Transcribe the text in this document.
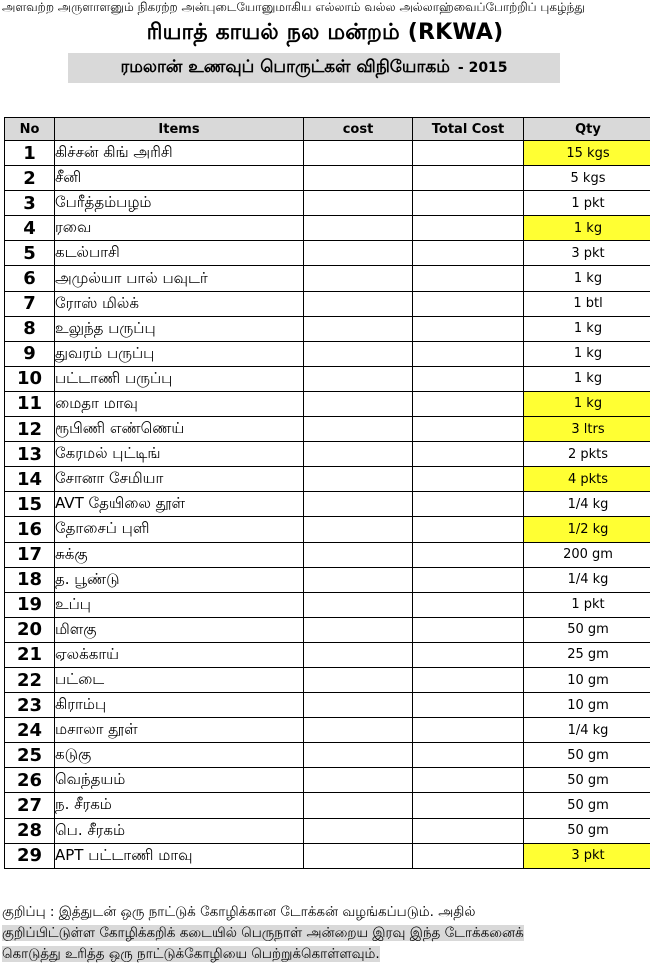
அளவற்ற அருளாளனும் நிகரற்ற அன்புடையோனுமாகிய எல்லாம் வல்ல அல்லாஹ்வைப்போற்றிப் புகழ்ந்து
ரியாத் காயல் நல மன்றம் (RKWA)
ரமலான் உணவுப் பொருட்கள் விநியோகம் - 2015
No	Items	cost	Total Cost	Qty
1	கிச்சன் கிங் அரிசி			15 kgs
2	சீனி			5 kgs
3	பேரீத்தம்பழம்			1 pkt
4	ரவை			1 kg
5	கடல்பாசி			3 pkt
6	அமுல்யா பால் பவுடர்			1 kg
7	ரோஸ் மில்க்			1 btl
8	உலுந்த பருப்பு			1 kg
9	துவரம் பருப்பு			1 kg
10	பட்டாணி பருப்பு			1 kg
11	மைதா மாவு			1 kg
12	ரூபிணி எண்ணெய்			3 ltrs
13	கேரமல் புட்டிங்			2 pkts
14	சோனா சேமியா			4 pkts
15	AVT தேயிலை தூள்			1/4 kg
16	தோசைப் புளி			1/2 kg
17	சுக்கு			200 gm
18	த. பூண்டு			1/4 kg
19	உப்பு			1 pkt
20	மிளகு			50 gm
21	ஏலக்காய்			25 gm
22	பட்டை			10 gm
23	கிராம்பு			10 gm
24	மசாலா தூள்			1/4 kg
25	கடுகு			50 gm
26	வெந்தயம்			50 gm
27	ந. சீரகம்			50 gm
28	பெ. சீரகம்			50 gm
29	APT பட்டாணி மாவு			3 pkt
குறிப்பு : இத்துடன் ஒரு நாட்டுக் கோழிக்கான டோக்கன் வழங்கப்படும். அதில்
குறிப்பிட்டுள்ள கோழிக்கறிக் கடையில் பெருநாள் அன்றைய இரவு இந்த டோக்கனைக்
கொடுத்து உரித்த ஒரு நாட்டுக்கோழியை பெற்றுக்கொள்ளவும்.
